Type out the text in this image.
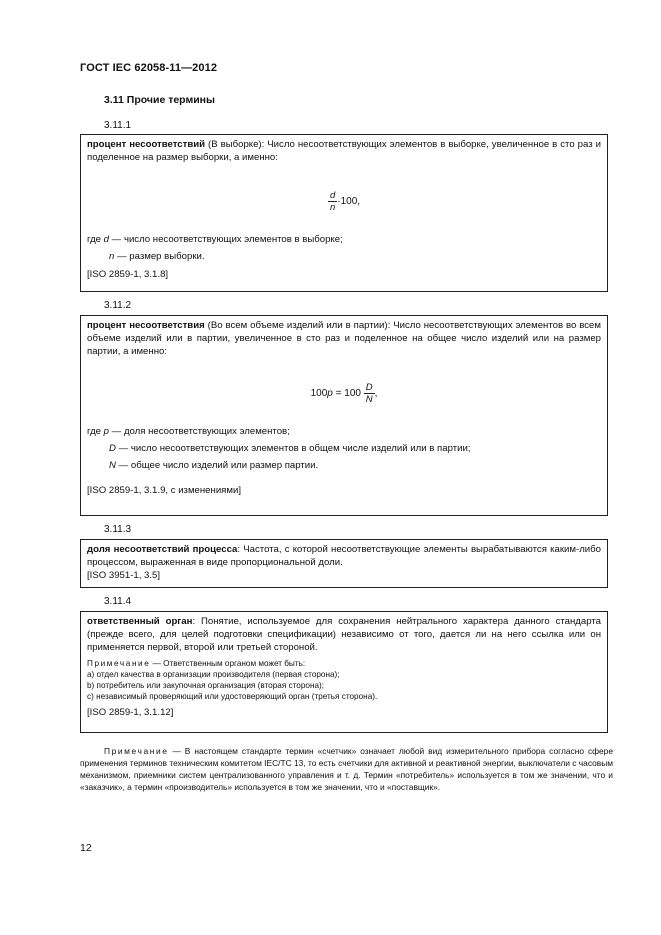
ГОСТ IEC 62058-11—2012
3.11 Прочие термины
3.11.1
процент несоответствий (В выборке): Число несоответствующих элементов в выборке, увеличенное в сто раз и поделенное на размер выборки, а именно:
$\frac{d}{n} \cdot 100$,
где d — число несоответствующих элементов в выборке;
n — размер выборки.
[ISO 2859-1, 3.1.8]
3.11.2
процент несоответствия (Во всем объеме изделий или в партии): Число несоответствующих элементов во всем объеме изделий или в партии, увеличенное в сто раз и поделенное на общее число изделий или на размер партии, а именно:
$100p = 100 \frac{D}{N}$ ,
где p — доля несоответствующих элементов;
D — число несоответствующих элементов в общем числе изделий или в партии;
N — общее число изделий или размер партии.
[ISO 2859-1, 3.1.9, с изменениями]
3.11.3
доля несоответствий процесса: Частота, с которой несоответствующие элементы вырабатываются каким-либо процессом, выраженная в виде пропорциональной доли.
[ISO 3951-1, 3.5]
3.11.4
ответственный орган: Понятие, используемое для сохранения нейтрального характера данного стандарта (прежде всего, для целей подготовки спецификации) независимо от того, дается ли на него ссылка или он применяется первой, второй или третьей стороной.
Примечание — Ответственным органом может быть:
а) отдел качества в организации производителя (первая сторона);
b) потребитель или закупочная организация (вторая сторона);
с) независимый проверяющий или удостоверяющий орган (третья сторона).
[ISO 2859-1, 3.1.12]
Примечание — В настоящем стандарте термин «счетчик» означает любой вид измерительного прибора согласно сфере применения терминов техническим комитетом IEC/TC 13, то есть счетчики для активной и реактивной энергии, выключатели с часовым механизмом, приемники систем централизованного управления и т. д. Термин «потребитель» используется в том же значении, что и «заказчик», а термин «производитель» используется в том же значении, что и «поставщик».
12
